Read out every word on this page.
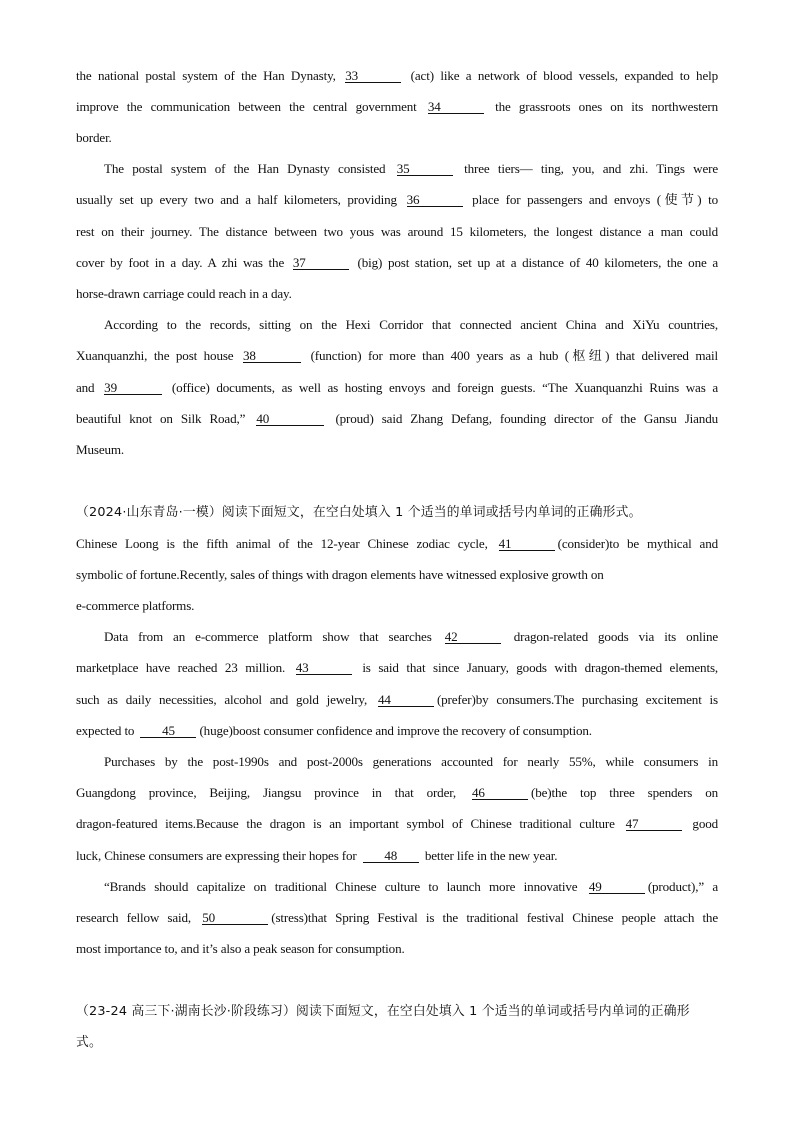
the national postal system of the Han Dynasty, 33	(act) like a network of blood vessels, expanded to help
improve the communication between the central government 34	the grassroots ones on its northwestern
border.
The postal system of the Han Dynasty consisted 35	three tiers— ting, you, and zhi. Tings were
usually set up every two and a half kilometers, providing 36	place for passengers and envoys (使节) to
rest on their journey. The distance between two yous was around 15 kilometers, the longest distance a man could
cover by foot in a day. A zhi was the 37	(big) post station, set up at a distance of 40 kilometers, the one a
horse-drawn carriage could reach in a day.
According to the records, sitting on the Hexi Corridor that connected ancient China and XiYu countries,
Xuanquanzhi, the post house 38	(function) for more than 400 years as a hub (枢纽) that delivered mail
and 39	(office) documents, as well as hosting envoys and foreign guests. “The Xuanquanzhi Ruins was a
beautiful knot on Silk Road,” 40	(proud) said Zhang Defang, founding director of the Gansu Jiandu
Museum.
（2024·山东青岛·一模）阅读下面短文，在空白处填入 1 个适当的单词或括号内单词的正确形式。
Chinese Loong is the fifth animal of the 12-year Chinese zodiac cycle, 41	(consider)to be mythical and
symbolic of fortune.Recently, sales of things with dragon elements have witnessed explosive growth on
e-commerce platforms.
Data from an e-commerce platform show that searches 42	dragon-related goods via its online
marketplace have reached 23 million. 43	is said that since January, goods with dragon-themed elements,
such as daily necessities, alcohol and gold jewelry, 44	(prefer)by consumers.The purchasing excitement is
expected to 45 (huge)boost consumer confidence and improve the recovery of consumption.
Purchases by the post-1990s and post-2000s generations accounted for nearly 55%, while consumers in
Guangdong province, Beijing, Jiangsu province in that order, 46	(be)the top three spenders on
dragon-featured items.Because the dragon is an important symbol of Chinese traditional culture 47	good
luck, Chinese consumers are expressing their hopes for 48 better life in the new year.
“Brands should capitalize on traditional Chinese culture to launch more innovative 49	(product),” a
research fellow said, 50	(stress)that Spring Festival is the traditional festival Chinese people attach the
most importance to, and it’s also a peak season for consumption.
（23-24 高三下·湖南长沙·阶段练习）阅读下面短文，在空白处填入 1 个适当的单词或括号内单词的正确形
式。
